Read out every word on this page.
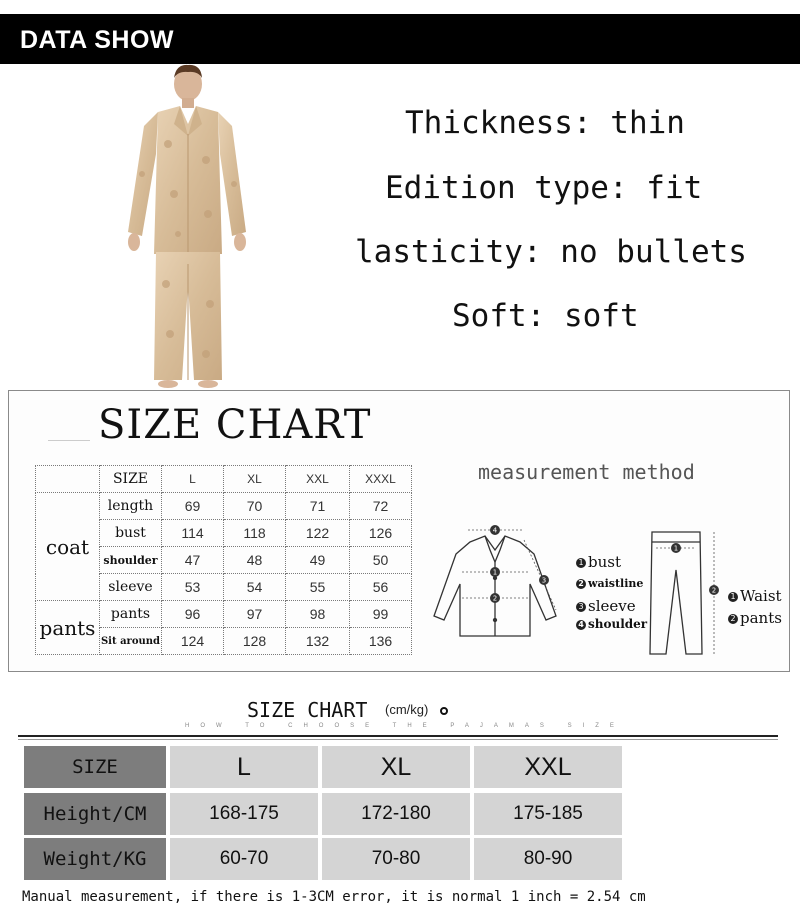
DATA SHOW
Thickness: thin
Edition type: fit
lasticity: no bullets
Soft: soft
SIZE CHART
	SIZE	L	XL	XXL	XXXL
coat	length	69	70	71	72
	bust	114	118	122	126
	shoulder	47	48	49	50
	sleeve	53	54	55	56
pants	pants	96	97	98	99
	Sit around	124	128	132	136
measurement method
4
1
2
3
1
2
1 bust
2 waistline
3 sleeve
4 shoulder
1 Waist
2 pants
SIZE CHART (cm/kg)
HOW TO CHOOSE THE PAJAMAS SIZE
SIZE	L	XL	XXL
Height/CM	168-175	172-180	175-185
Weight/KG	60-70	70-80	80-90
Manual measurement, if there is 1-3CM error, it is normal 1 inch = 2.54 cm
